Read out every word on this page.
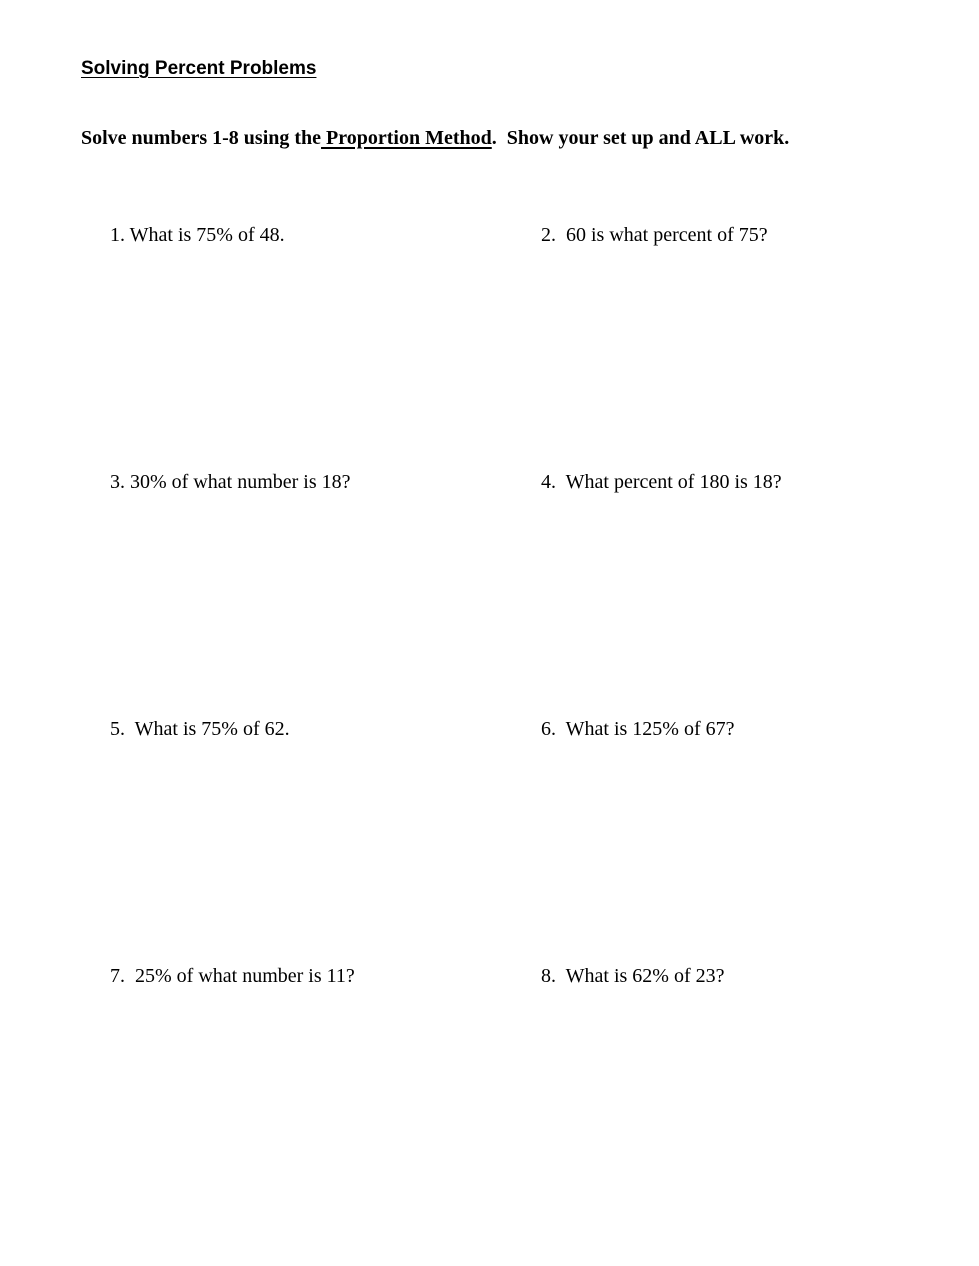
Solving Percent Problems
Solve numbers 1-8 using the Proportion Method.  Show your set up and ALL work.
1. What is 75% of 48.	2.  60 is what percent of 75?
3. 30% of what number is 18?	4.  What percent of 180 is 18?
5.  What is 75% of 62.	6.  What is 125% of 67?
7.  25% of what number is 11?	8.  What is 62% of 23?
